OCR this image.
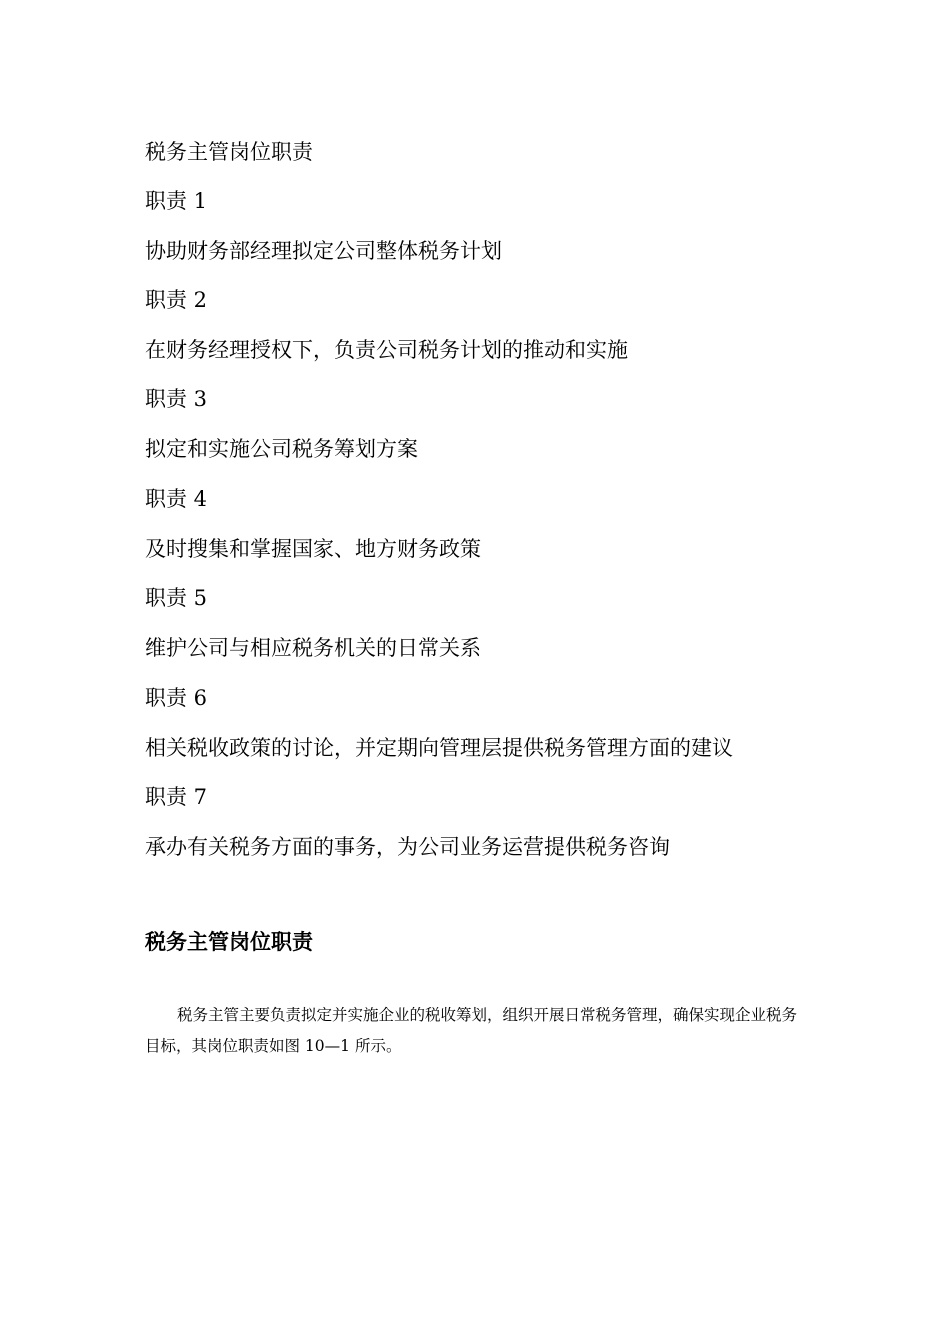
税务主管岗位职责

职责 1

协助财务部经理拟定公司整体税务计划

职责 2

在财务经理授权下，负责公司税务计划的推动和实施

职责 3

拟定和实施公司税务筹划方案

职责 4

及时搜集和掌握国家、地方财务政策

职责 5

维护公司与相应税务机关的日常关系

职责 6

相关税收政策的讨论，并定期向管理层提供税务管理方面的建议

职责 7

承办有关税务方面的事务，为公司业务运营提供税务咨询

税务主管岗位职责

税务主管主要负责拟定并实施企业的税收筹划，组织开展日常税务管理，确保实现企业税务目标，其岗位职责如图 10—1 所示。
